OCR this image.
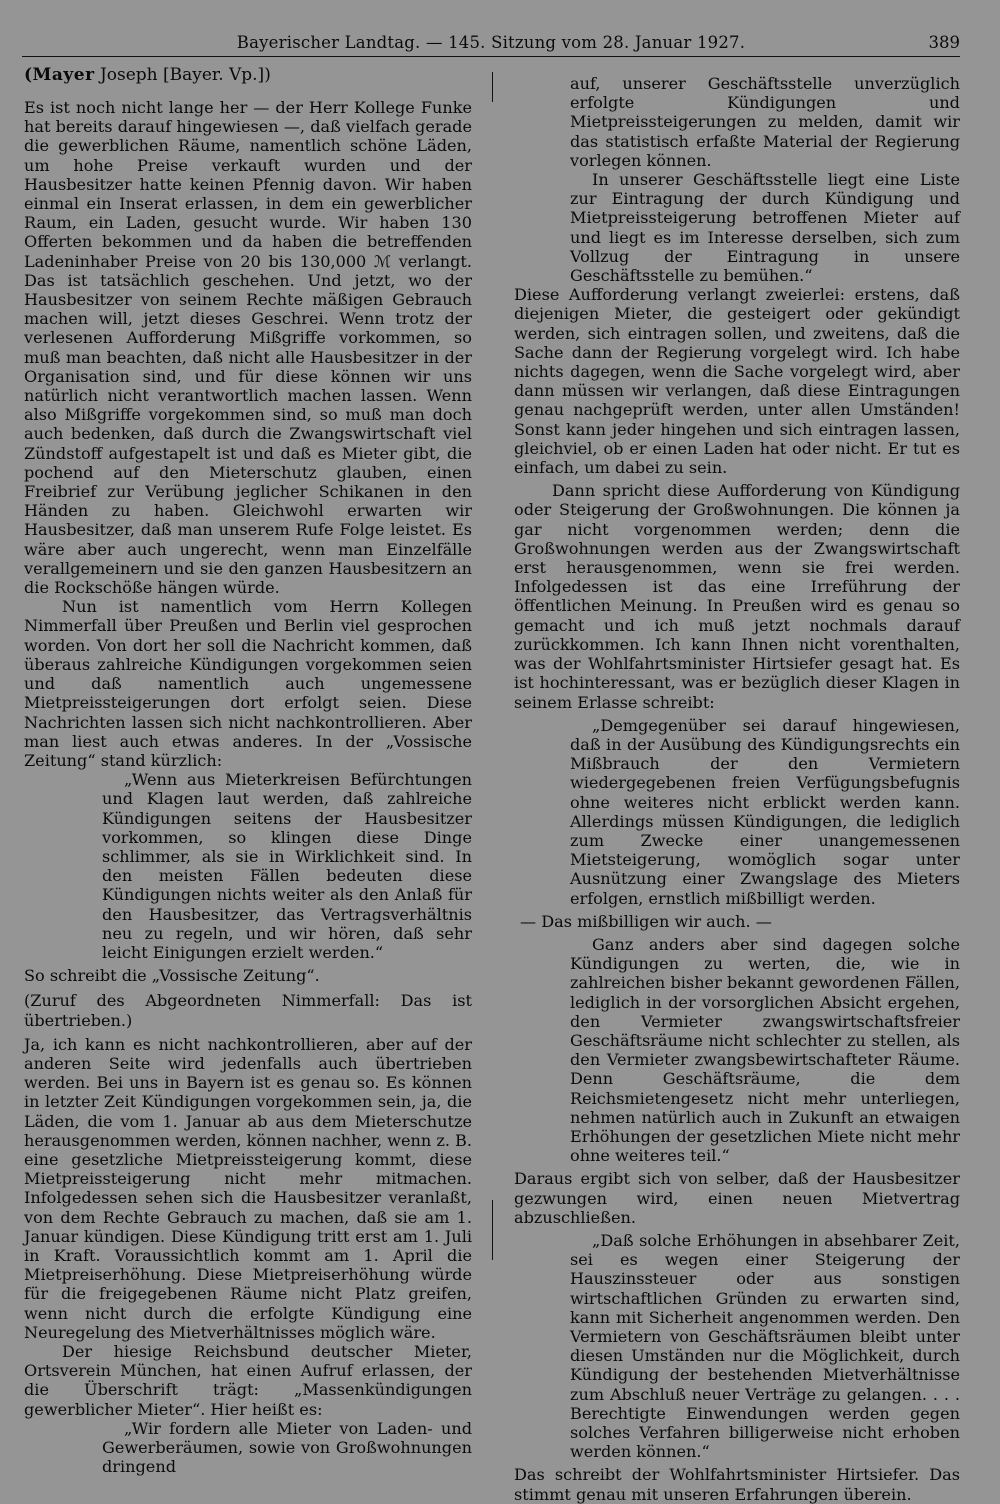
Bayerischer Landtag. — 145. Sitzung vom 28. Januar 1927.	389

(Mayer Joseph [Bayer. Vp.])

Es ist noch nicht lange her — der Herr Kollege Funke hat bereits darauf hingewiesen —, daß vielfach gerade die gewerblichen Räume, namentlich schöne Läden, um hohe Preise verkauft wurden und der Hausbesitzer hatte keinen Pfennig davon. Wir haben einmal ein Inserat erlassen, in dem ein gewerblicher Raum, ein Laden, gesucht wurde. Wir haben 130 Offerten bekommen und da haben die betreffenden Ladeninhaber Preise von 20 bis 130,000 ℳ verlangt. Das ist tatsächlich geschehen. Und jetzt, wo der Hausbesitzer von seinem Rechte mäßigen Gebrauch machen will, jetzt dieses Geschrei. Wenn trotz der verlesenen Aufforderung Mißgriffe vorkommen, so muß man beachten, daß nicht alle Hausbesitzer in der Organisation sind, und für diese können wir uns natürlich nicht verantwortlich machen lassen. Wenn also Mißgriffe vorgekommen sind, so muß man doch auch bedenken, daß durch die Zwangswirtschaft viel Zündstoff aufgestapelt ist und daß es Mieter gibt, die pochend auf den Mieterschutz glauben, einen Freibrief zur Verübung jeglicher Schikanen in den Händen zu haben. Gleichwohl erwarten wir Hausbesitzer, daß man unserem Rufe Folge leistet. Es wäre aber auch ungerecht, wenn man Einzelfälle verallgemeinern und sie den ganzen Hausbesitzern an die Rockschöße hängen würde.

Nun ist namentlich vom Herrn Kollegen Nimmerfall über Preußen und Berlin viel gesprochen worden. Von dort her soll die Nachricht kommen, daß überaus zahlreiche Kündigungen vorgekommen seien und daß namentlich auch ungemessene Mietpreissteigerungen dort erfolgt seien. Diese Nachrichten lassen sich nicht nachkontrollieren. Aber man liest auch etwas anderes. In der „Vossische Zeitung“ stand kürzlich:

„Wenn aus Mieterkreisen Befürchtungen und Klagen laut werden, daß zahlreiche Kündigungen seitens der Hausbesitzer vorkommen, so klingen diese Dinge schlimmer, als sie in Wirklichkeit sind. In den meisten Fällen bedeuten diese Kündigungen nichts weiter als den Anlaß für den Hausbesitzer, das Vertragsverhältnis neu zu regeln, und wir hören, daß sehr leicht Einigungen erzielt werden.“

So schreibt die „Vossische Zeitung“.

(Zuruf des Abgeordneten Nimmerfall: Das ist übertrieben.)

Ja, ich kann es nicht nachkontrollieren, aber auf der anderen Seite wird jedenfalls auch übertrieben werden. Bei uns in Bayern ist es genau so. Es können in letzter Zeit Kündigungen vorgekommen sein, ja, die Läden, die vom 1. Januar ab aus dem Mieterschutze herausgenommen werden, können nachher, wenn z. B. eine gesetzliche Mietpreissteigerung kommt, diese Mietpreissteigerung nicht mehr mitmachen. Infolgedessen sehen sich die Hausbesitzer veranlaßt, von dem Rechte Gebrauch zu machen, daß sie am 1. Januar kündigen. Diese Kündigung tritt erst am 1. Juli in Kraft. Voraussichtlich kommt am 1. April die Mietpreiserhöhung. Diese Mietpreiserhöhung würde für die freigegebenen Räume nicht Platz greifen, wenn nicht durch die erfolgte Kündigung eine Neuregelung des Mietverhältnisses möglich wäre.

Der hiesige Reichsbund deutscher Mieter, Ortsverein München, hat einen Aufruf erlassen, der die Überschrift trägt: „Massenkündigungen gewerblicher Mieter“. Hier heißt es:

„Wir fordern alle Mieter von Laden- und Gewerberäumen, sowie von Großwohnungen dringend

auf, unserer Geschäftsstelle unverzüglich erfolgte Kündigungen und Mietpreissteigerungen zu melden, damit wir das statistisch erfaßte Material der Regierung vorlegen können.

In unserer Geschäftsstelle liegt eine Liste zur Eintragung der durch Kündigung und Mietpreissteigerung betroffenen Mieter auf und liegt es im Interesse derselben, sich zum Vollzug der Eintragung in unsere Geschäftsstelle zu bemühen.“

Diese Aufforderung verlangt zweierlei: erstens, daß diejenigen Mieter, die gesteigert oder gekündigt werden, sich eintragen sollen, und zweitens, daß die Sache dann der Regierung vorgelegt wird. Ich habe nichts dagegen, wenn die Sache vorgelegt wird, aber dann müssen wir verlangen, daß diese Eintragungen genau nachgeprüft werden, unter allen Umständen! Sonst kann jeder hingehen und sich eintragen lassen, gleichviel, ob er einen Laden hat oder nicht. Er tut es einfach, um dabei zu sein.

Dann spricht diese Aufforderung von Kündigung oder Steigerung der Großwohnungen. Die können ja gar nicht vorgenommen werden; denn die Großwohnungen werden aus der Zwangswirtschaft erst herausgenommen, wenn sie frei werden. Infolgedessen ist das eine Irreführung der öffentlichen Meinung. In Preußen wird es genau so gemacht und ich muß jetzt nochmals darauf zurückkommen. Ich kann Ihnen nicht vorenthalten, was der Wohlfahrtsminister Hirtsiefer gesagt hat. Es ist hochinteressant, was er bezüglich dieser Klagen in seinem Erlasse schreibt:

„Demgegenüber sei darauf hingewiesen, daß in der Ausübung des Kündigungsrechts ein Mißbrauch der den Vermietern wiedergegebenen freien Verfügungsbefugnis ohne weiteres nicht erblickt werden kann. Allerdings müssen Kündigungen, die lediglich zum Zwecke einer unangemessenen Mietsteigerung, womöglich sogar unter Ausnützung einer Zwangslage des Mieters erfolgen, ernstlich mißbilligt werden.

— Das mißbilligen wir auch. —

Ganz anders aber sind dagegen solche Kündigungen zu werten, die, wie in zahlreichen bisher bekannt gewordenen Fällen, lediglich in der vorsorglichen Absicht ergehen, den Vermieter zwangswirtschaftsfreier Geschäftsräume nicht schlechter zu stellen, als den Vermieter zwangsbewirtschafteter Räume. Denn Geschäftsräume, die dem Reichsmietengesetz nicht mehr unterliegen, nehmen natürlich auch in Zukunft an etwaigen Erhöhungen der gesetzlichen Miete nicht mehr ohne weiteres teil.“

Daraus ergibt sich von selber, daß der Hausbesitzer gezwungen wird, einen neuen Mietvertrag abzuschließen.

„Daß solche Erhöhungen in absehbarer Zeit, sei es wegen einer Steigerung der Hauszinssteuer oder aus sonstigen wirtschaftlichen Gründen zu erwarten sind, kann mit Sicherheit angenommen werden. Den Vermietern von Geschäftsräumen bleibt unter diesen Umständen nur die Möglichkeit, durch Kündigung der bestehenden Mietverhältnisse zum Abschluß neuer Verträge zu gelangen. . . . Berechtigte Einwendungen werden gegen solches Verfahren billigerweise nicht erhoben werden können.“

Das schreibt der Wohlfahrtsminister Hirtsiefer. Das stimmt genau mit unseren Erfahrungen überein.
